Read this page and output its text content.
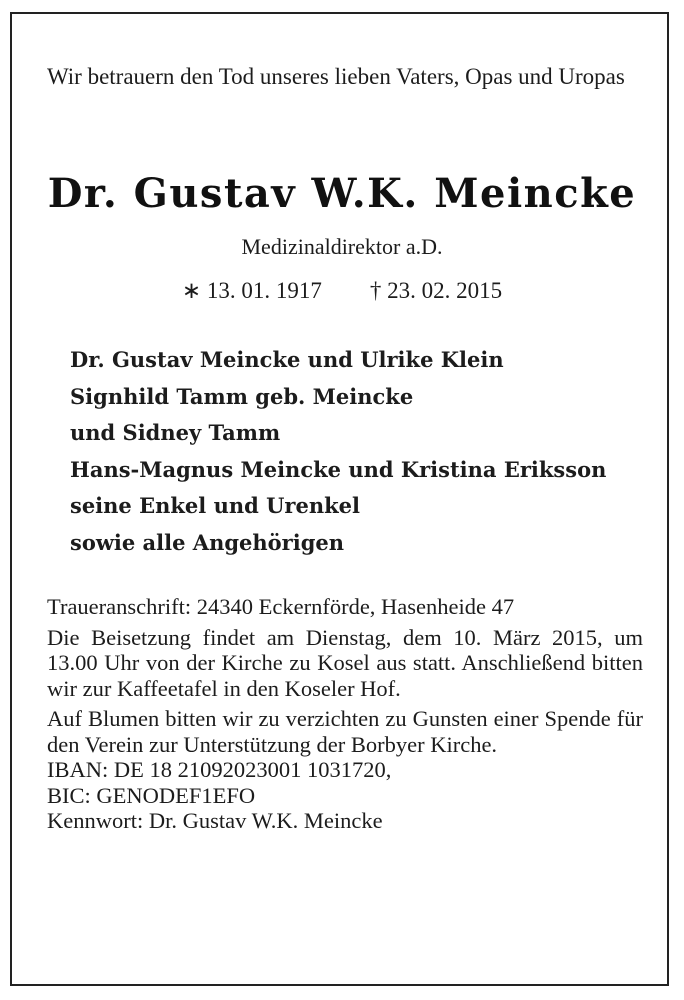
Wir betrauern den Tod unseres lieben Vaters, Opas und Uropas
Dr. Gustav W.K. Meincke
Medizinaldirektor a.D.
∗ 13. 01. 1917 † 23. 02. 2015
Dr. Gustav Meincke und Ulrike Klein
Signhild Tamm geb. Meincke
und Sidney Tamm
Hans-Magnus Meincke und Kristina Eriksson
seine Enkel und Urenkel
sowie alle Angehörigen
Traueranschrift: 24340 Eckernförde, Hasenheide 47
Die Beisetzung findet am Dienstag, dem 10. März 2015, um 13.00 Uhr von der Kirche zu Kosel aus statt. Anschließend bitten wir zur Kaffeetafel in den Koseler Hof.
Auf Blumen bitten wir zu verzichten zu Gunsten einer Spende für den Verein zur Unterstützung der Borbyer Kirche.
IBAN: DE 18 21092023001 1031720,
BIC: GENODEF1EFO
Kennwort: Dr. Gustav W.K. Meincke
